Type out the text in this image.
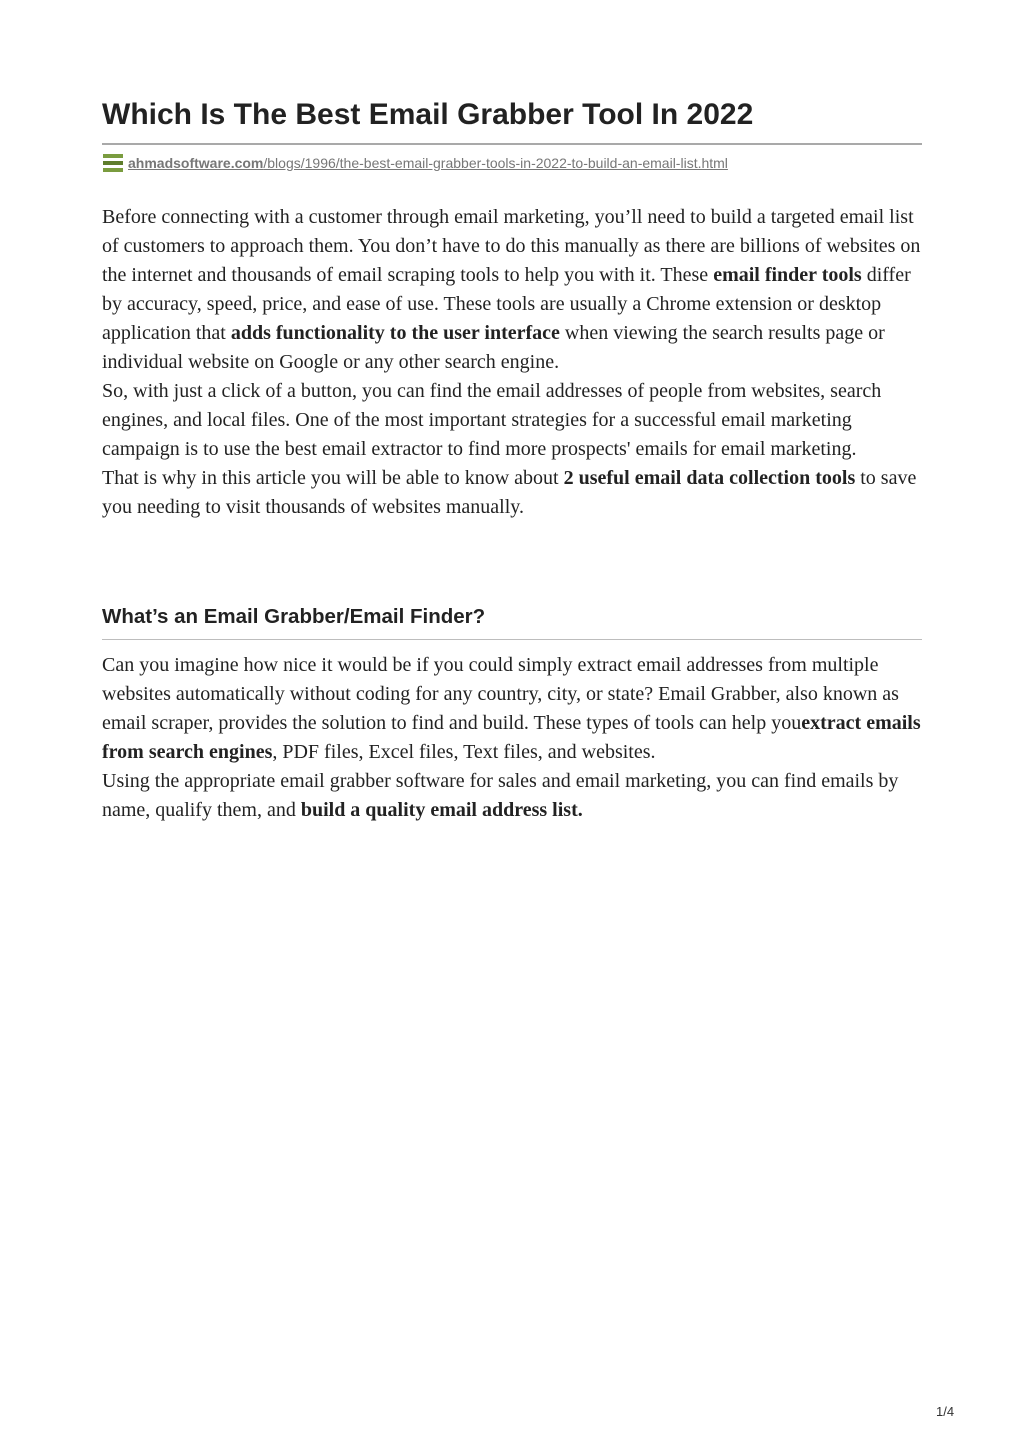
Which Is The Best Email Grabber Tool In 2022
ahmadsoftware.com/blogs/1996/the-best-email-grabber-tools-in-2022-to-build-an-email-list.html

Before connecting with a customer through email marketing, you’ll need to build a targeted email list of customers to approach them. You don’t have to do this manually as there are billions of websites on the internet and thousands of email scraping tools to help you with it. These email finder tools differ by accuracy, speed, price, and ease of use. These tools are usually a Chrome extension or desktop application that adds functionality to the user interface when viewing the search results page or individual website on Google or any other search engine.

So, with just a click of a button, you can find the email addresses of people from websites, search engines, and local files. One of the most important strategies for a successful email marketing campaign is to use the best email extractor to find more prospects' emails for email marketing.

That is why in this article you will be able to know about 2 useful email data collection tools to save you needing to visit thousands of websites manually.

What’s an Email Grabber/Email Finder?

Can you imagine how nice it would be if you could simply extract email addresses from multiple websites automatically without coding for any country, city, or state? Email Grabber, also known as email scraper, provides the solution to find and build. These types of tools can help youextract emails from search engines, PDF files, Excel files, Text files, and websites.

Using the appropriate email grabber software for sales and email marketing, you can find emails by name, qualify them, and build a quality email address list.

1/4
